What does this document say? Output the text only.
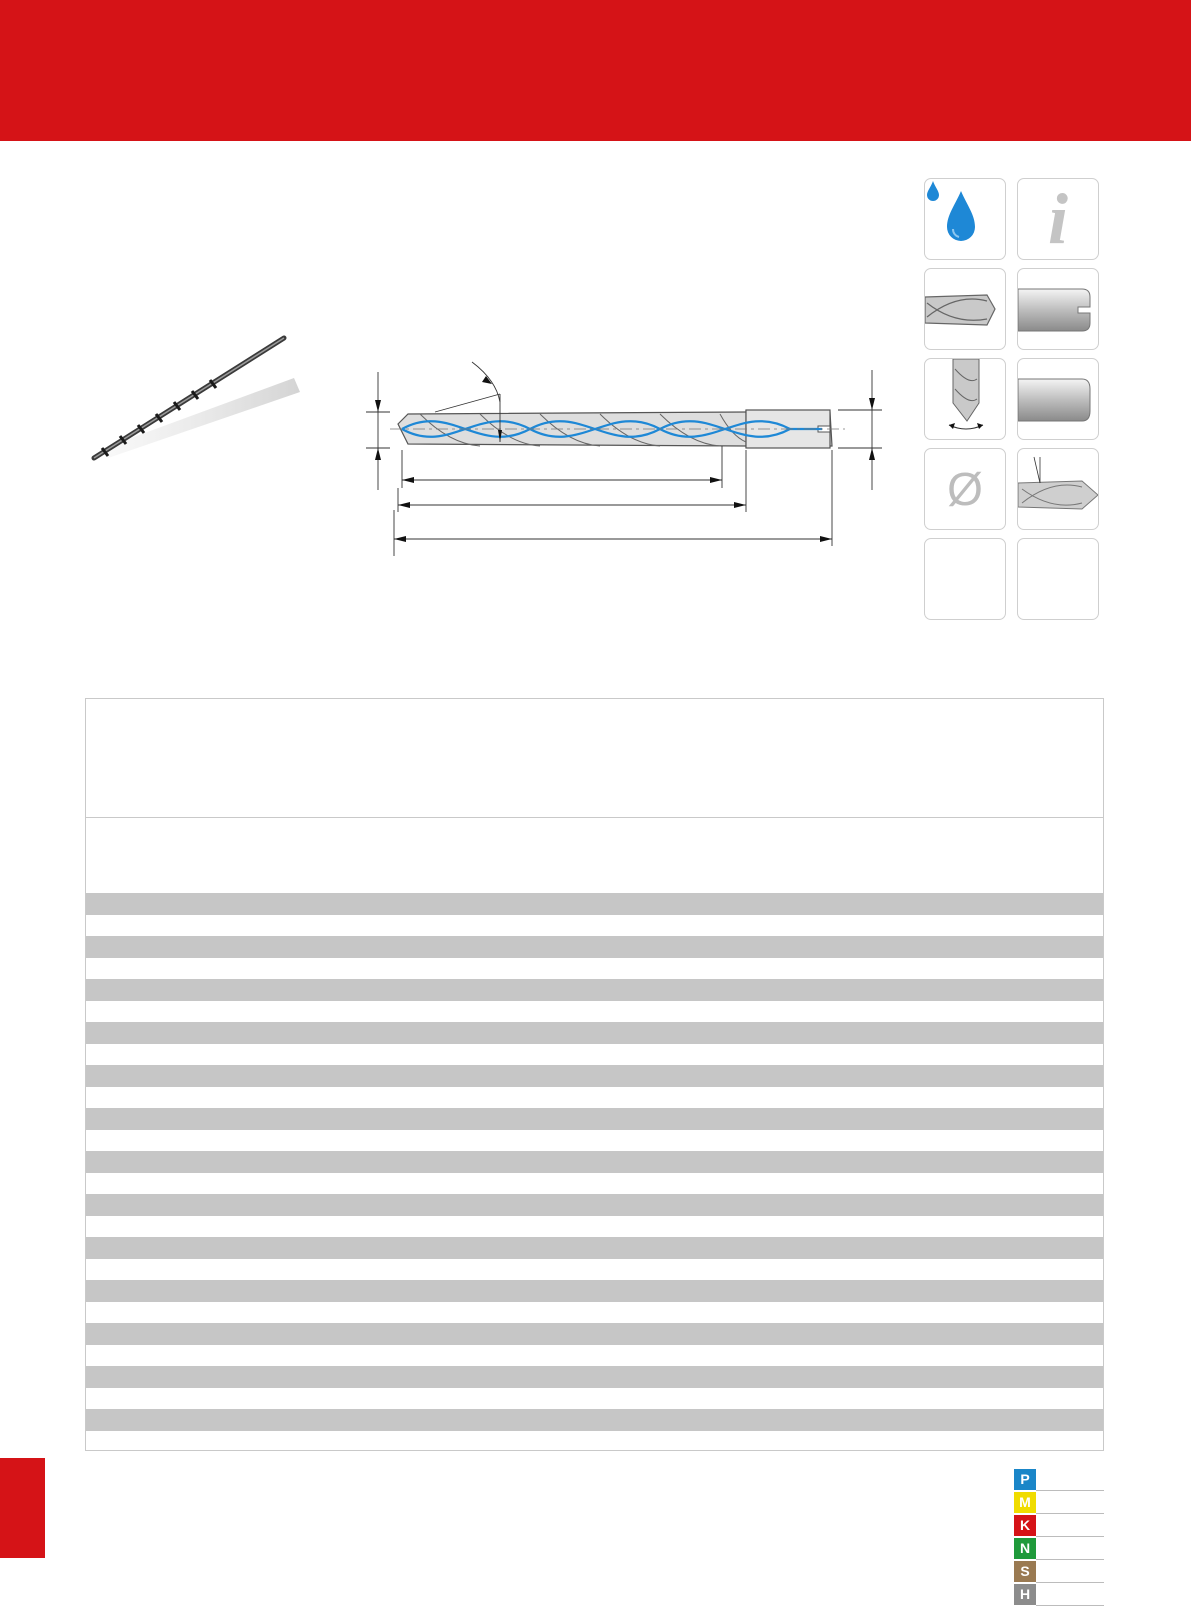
i
Ø
P
M
K
N
S
H
